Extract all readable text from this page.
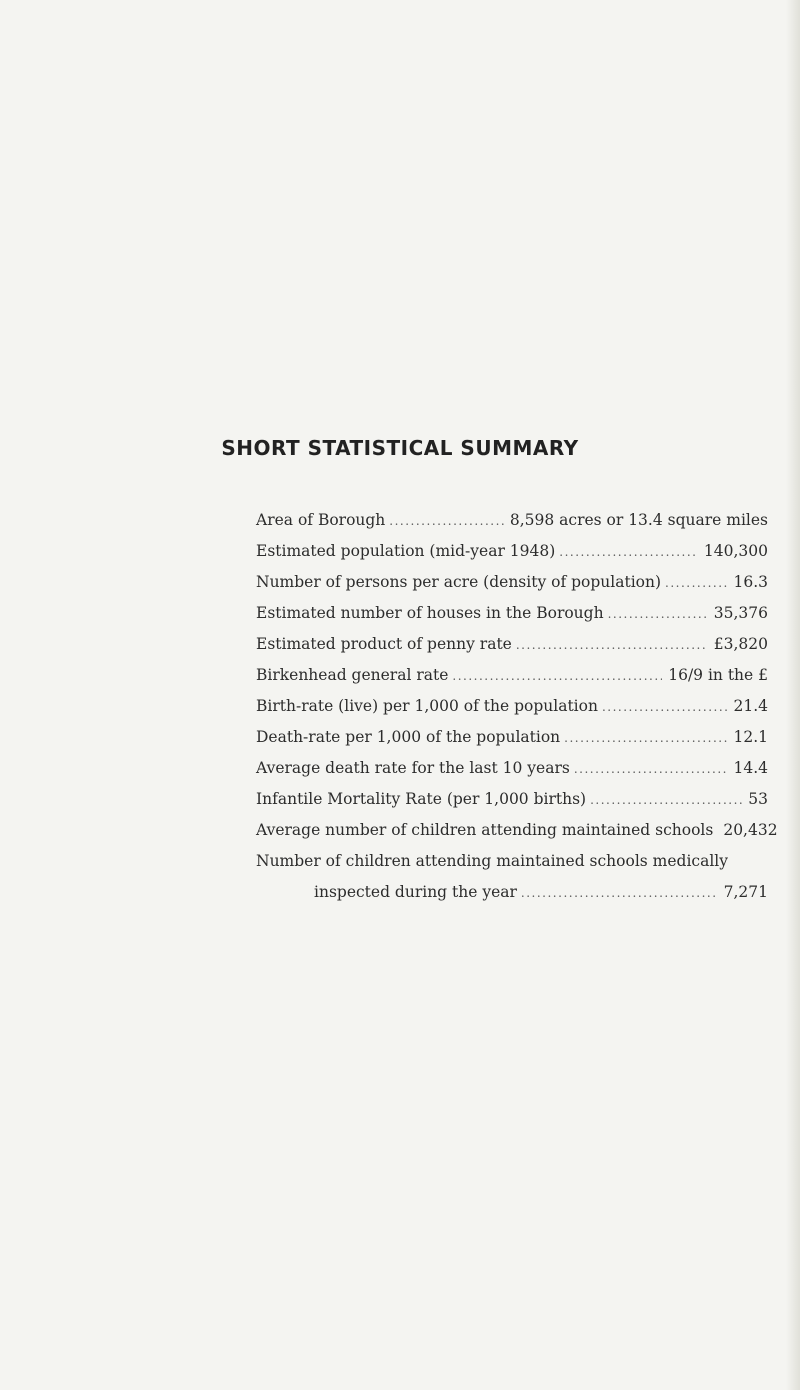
SHORT STATISTICAL SUMMARY
Area of Borough .....	8,598 acres or 13.4 square miles
Estimated population (mid-year 1948) .....	140,300
Number of persons per acre (density of population) .....	16.3
Estimated number of houses in the Borough .....	35,376
Estimated product of penny rate .....	£3,820
Birkenhead general rate .....	16/9 in the £
Birth-rate (live) per 1,000 of the population .....	21.4
Death-rate per 1,000 of the population .....	12.1
Average death rate for the last 10 years .....	14.4
Infantile Mortality Rate (per 1,000 births) .....	53
Average number of children attending maintained schools 20,432
Number of children attending maintained schools medically
inspected during the year .....	7,271
